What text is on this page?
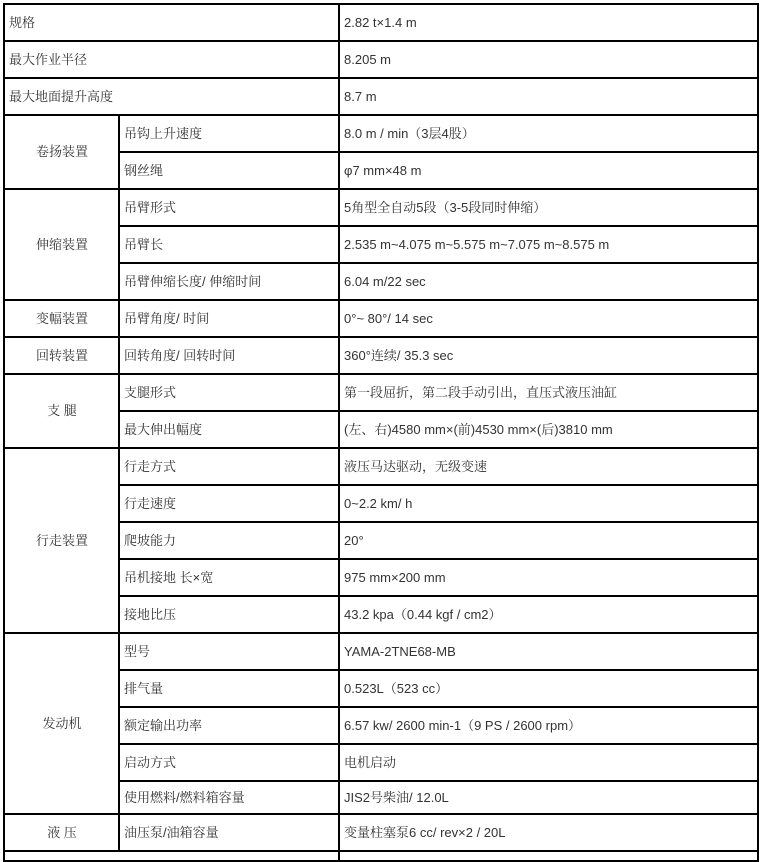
规格		2.82 t×1.4 m
最大作业半径		8.205 m
最大地面提升高度		8.7 m
卷扬装置	吊钩上升速度	8.0 m / min（3层4股）
	钢丝绳	φ7 mm×48 m
伸缩装置	吊臂形式	5角型全自动5段（3-5段同时伸缩）
	吊臂长	2.535 m~4.075 m~5.575 m~7.075 m~8.575 m
	吊臂伸缩长度/ 伸缩时间	6.04 m/22 sec
变幅装置	吊臂角度/ 时间	0°~ 80°/ 14 sec
回转装置	回转角度/ 回转时间	360°连续/ 35.3 sec
支 腿	支腿形式	第一段屈折，第二段手动引出，直压式液压油缸
	最大伸出幅度	(左、右)4580 mm×(前)4530 mm×(后)3810 mm
行走装置	行走方式	液压马达驱动，无级变速
	行走速度	0~2.2 km/ h
	爬坡能力	20°
	吊机接地 长×宽	975 mm×200 mm
	接地比压	43.2 kpa（0.44 kgf / cm2）
发动机	型号	YAMA-2TNE68-MB
	排气量	0.523L（523 cc）
	额定输出功率	6.57 kw/ 2600 min-1（9 PS / 2600 rpm）
	启动方式	电机启动
	使用燃料/燃料箱容量	JIS2号柴油/ 12.0L
液 压	油压泵/油箱容量	变量柱塞泵6 cc/ rev×2 / 20L
